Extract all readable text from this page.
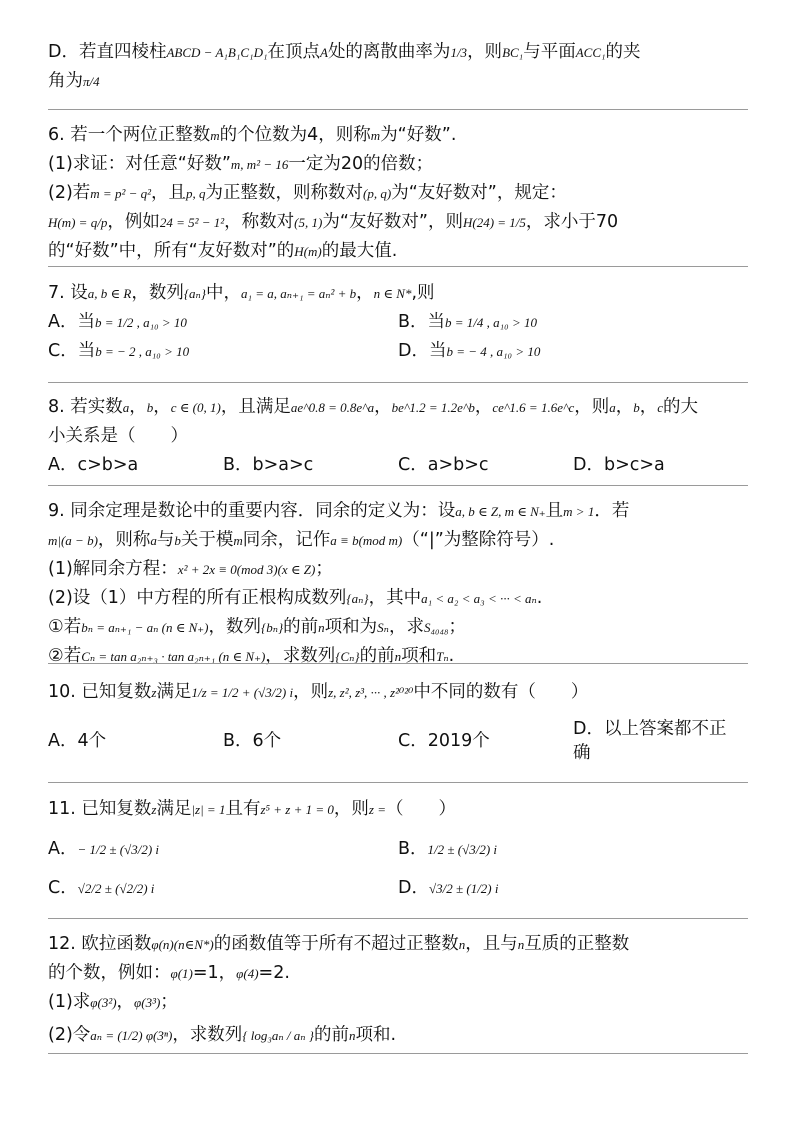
D．若直四棱柱ABCD − A₁B₁C₁D₁在顶点A处的离散曲率为1/3，则BC₁与平面ACC₁的夹

角为π/4

6. 若一个两位正整数m的个位数为4，则称m为“好数”.

(1)求证：对任意“好数”m, m² − 16一定为20的倍数；

(2)若m = p² − q²，且p, q为正整数，则称数对(p, q)为“友好数对”，规定：

H(m) = q/p，例如24 = 5² − 1²，称数对(5, 1)为“友好数对”，则H(24) = 1/5，求小于70

的“好数”中，所有“友好数对”的H(m)的最大值.

7. 设a, b ∈ R，数列{aₙ}中，a₁ = a, aₙ₊₁ = aₙ² + b，n ∈ N*,则

A．当b = 1/2 , a₁₀ > 10	B．当b = 1/4 , a₁₀ > 10
C．当b = − 2 , a₁₀ > 10	D．当b = − 4 , a₁₀ > 10

8. 若实数a，b，c ∈ (0, 1)，且满足ae^0.8 = 0.8e^a，be^1.2 = 1.2e^b，ce^1.6 = 1.6e^c，则a，b，c的大

小关系是（　　）

A．c>b>a	B．b>a>c	C．a>b>c	D．b>c>a

9. 同余定理是数论中的重要内容．同余的定义为：设a, b ∈ Z, m ∈ N₊且m > 1．若

m|(a − b)，则称a与b关于模m同余，记作a ≡ b(mod m)（“|”为整除符号）.

(1)解同余方程：x² + 2x ≡ 0(mod 3)(x ∈ Z)；

(2)设（1）中方程的所有正根构成数列{aₙ}，其中a₁ < a₂ < a₃ < ··· < aₙ.

①若bₙ = aₙ₊₁ − aₙ (n ∈ N₊)，数列{bₙ}的前n项和为Sₙ，求S₄₀₄₈；

②若Cₙ = tan a₂ₙ₊₃ · tan a₂ₙ₊₁ (n ∈ N₊)，求数列{Cₙ}的前n项和Tₙ.

10. 已知复数z满足1/z = 1/2 + (√3/2) i，则z, z², z³, ··· , z²⁰²⁰中不同的数有（　　）

A．4个	B．6个	C．2019个
D．以上答案都不正确

11. 已知复数z满足|z| = 1且有z⁵ + z + 1 = 0，则z =（　　）

A．− 1/2 ± (√3/2) i	B．1/2 ± (√3/2) i
C．√2/2 ± (√2/2) i	D．√3/2 ± (1/2) i

12. 欧拉函数φ(n)(n∈N*)的函数值等于所有不超过正整数n，且与n互质的正整数

的个数，例如：φ(1)=1，φ(4)=2.

(1)求φ(3²)，φ(3³)；

(2)令aₙ = (1/2) φ(3ⁿ)，求数列{ log₃aₙ / aₙ }的前n项和.
